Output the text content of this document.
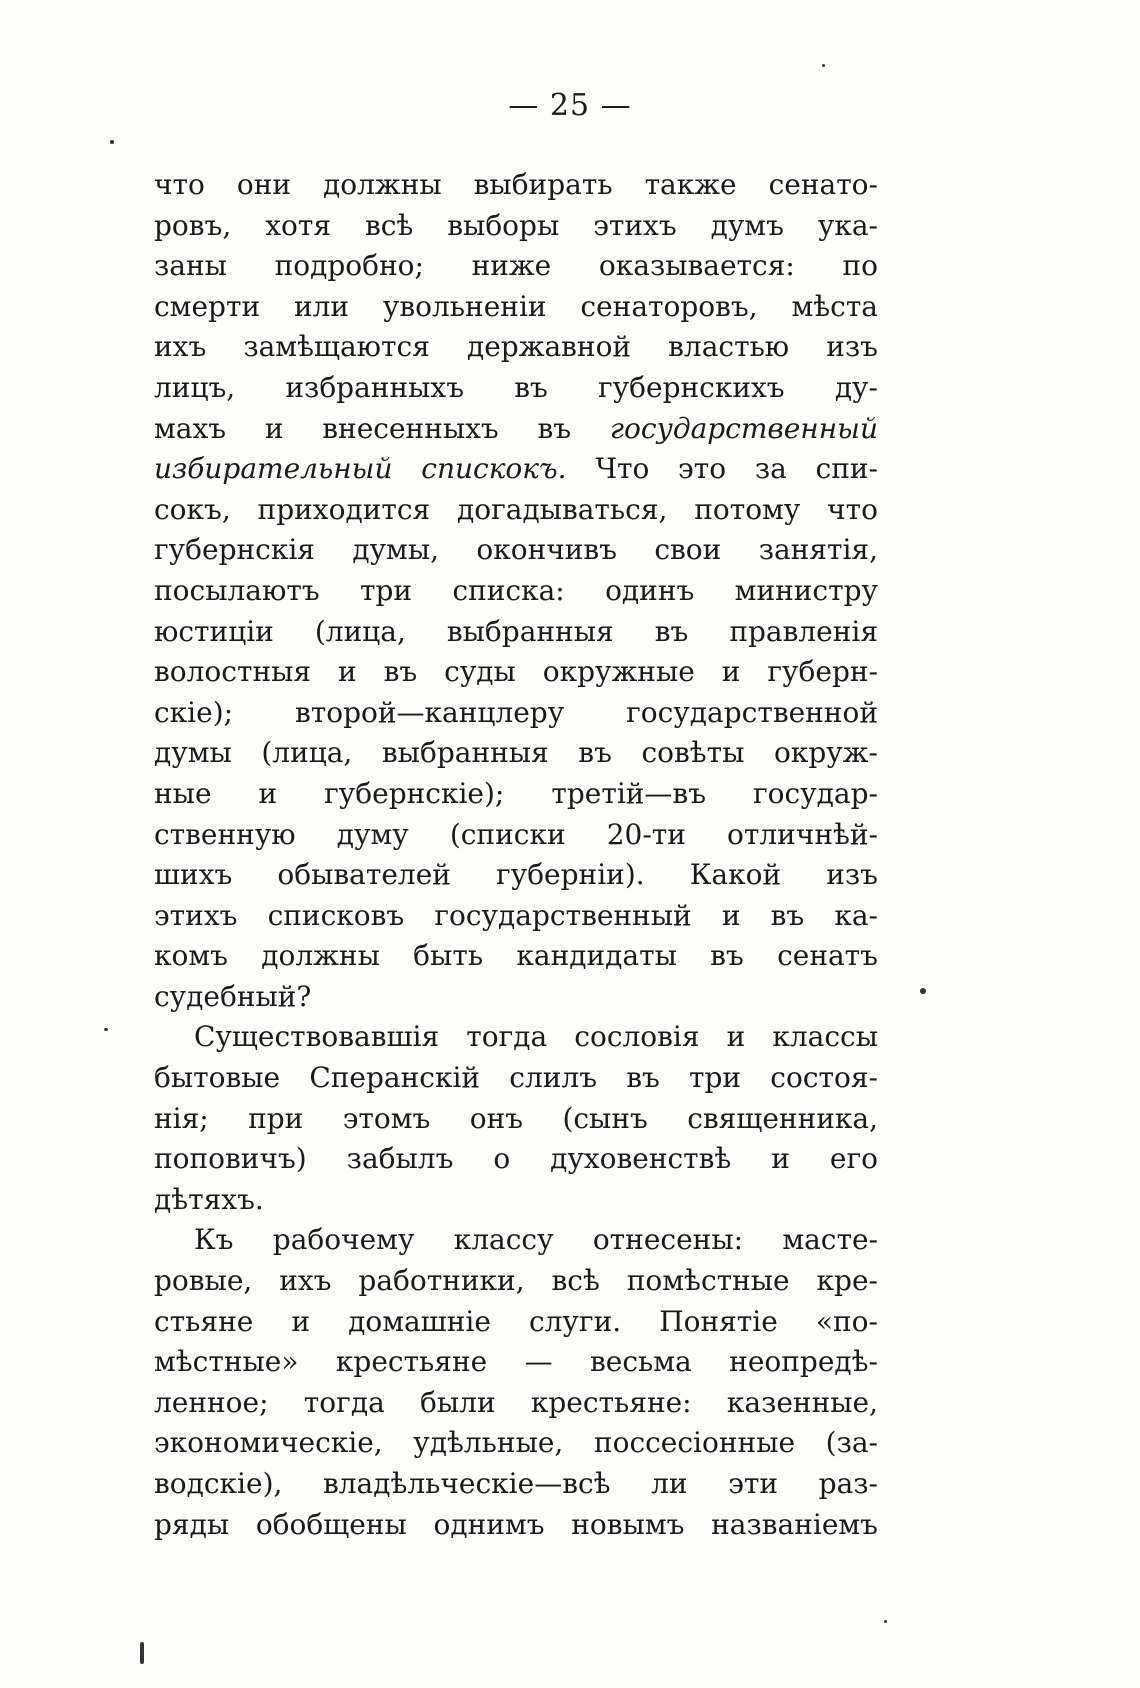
— 25 —
что они должны выбирать также сенато-
ровъ, хотя всѣ выборы этихъ думъ ука-
заны подробно; ниже оказывается: по
смерти или увольненiи сенаторовъ, мѣста
ихъ замѣщаются державной властью изъ
лицъ, избранныхъ въ губернскихъ ду-
махъ и внесенныхъ въ государственный
избирательный спискокъ. Что это за спи-
сокъ, приходится догадываться, потому что
губернскiя думы, окончивъ свои занятiя,
посылаютъ три списка: одинъ министру
юстицiи (лица, выбранныя въ правленiя
волостныя и въ суды окружные и губерн-
скiе); второй—канцлеру государственной
думы (лица, выбранныя въ совѣты окруж-
ные и губернскiе); третiй—въ государ-
ственную думу (списки 20-ти отличнѣй-
шихъ обывателей губерніи). Какой изъ
этихъ списковъ государственный и въ ка-
комъ должны быть кандидаты въ сенатъ
судебный?
Существовавшiя тогда сословiя и классы
бытовые Сперанскiй слилъ въ три состоя-
нiя; при этомъ онъ (сынъ священника,
поповичъ) забылъ о духовенствѣ и его
дѣтяхъ.
Къ рабочему классу отнесены: масте-
ровые, ихъ работники, всѣ помѣстные кре-
стьяне и домашнiе слуги. Понятiе «по-
мѣстные» крестьяне — весьма неопредѣ-
ленное; тогда были крестьяне: казенные,
экономическiе, удѣльные, поссесiонные (за-
водскiе), владѣльческiе—всѣ ли эти раз-
ряды обобщены однимъ новымъ названiемъ
